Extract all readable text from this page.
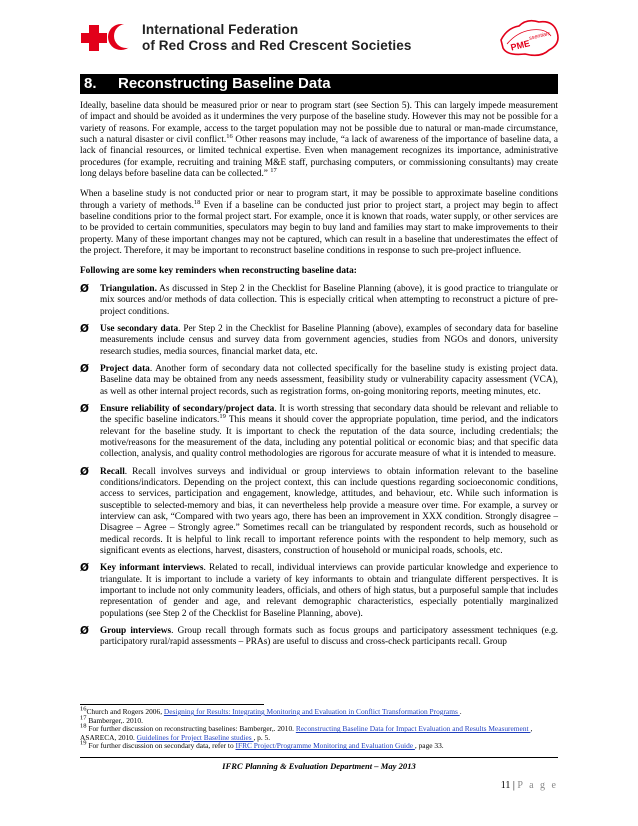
International Federation
of Red Cross and Red Crescent Societies	PME
ssentials
8. Reconstructing Baseline Data

Ideally, baseline data should be measured prior or near to program start (see Section 5). This can largely impede measurement of impact and should be avoided as it undermines the very purpose of the baseline study. However this may not be possible for a variety of reasons. For example, access to the target population may not be possible due to natural or man-made circumstance, such a natural disaster or civil conflict.$^{16}$ Other reasons may include, “a lack of awareness of the importance of baseline data, a lack of financial resources, or limited technical expertise. Even when management recognizes its importance, administrative procedures (for example, recruiting and training M&E staff, purchasing computers, or commissioning consultants) may create long delays before baseline data can be collected.” $^{17}$

When a baseline study is not conducted prior or near to program start, it may be possible to approximate baseline conditions through a variety of methods.$^{18}$ Even if a baseline can be conducted just prior to project start, a project may begin to affect baseline conditions prior to the formal project start. For example, once it is known that roads, water supply, or other services are to be provided to certain communities, speculators may begin to buy land and families may start to make improvements to their property. Many of these important changes may not be captured, which can result in a baseline that underestimates the effect of the project. Therefore, it may be important to reconstruct baseline conditions in response to such pre-project influence.

Following are some key reminders when reconstructing baseline data:

Ø Triangulation. As discussed in Step 2 in the Checklist for Baseline Planning (above), it is good practice to triangulate or mix sources and/or methods of data collection. This is especially critical when attempting to reconstruct a picture of pre-project conditions.
Ø Use secondary data. Per Step 2 in the Checklist for Baseline Planning (above), examples of secondary data for baseline measurements include census and survey data from government agencies, studies from NGOs and donors, university research studies, media sources, financial market data, etc.
Ø Project data. Another form of secondary data not collected specifically for the baseline study is existing project data. Baseline data may be obtained from any needs assessment, feasibility study or vulnerability capacity assessment (VCA), as well as other internal project records, such as registration forms, on-going monitoring reports, meeting minutes, etc.
Ø Ensure reliability of secondary/project data. It is worth stressing that secondary data should be relevant and reliable to the specific baseline indicators.$^{19}$ This means it should cover the appropriate population, time period, and the indicators relevant for the baseline study. It is important to check the reputation of the data source, including credentials; the motive/reasons for the measurement of the data, including any potential political or economic bias; and that specific data collection, analysis, and quality control methodologies are rigorous for accurate measure of what it is intended to measure.
Ø Recall. Recall involves surveys and individual or group interviews to obtain information relevant to the baseline conditions/indicators. Depending on the project context, this can include questions regarding socioeconomic conditions, access to services, participation and engagement, knowledge, attitudes, and behaviour, etc. While such information is susceptible to selected-memory and bias, it can nevertheless help provide a measure over time. For example, a survey or interview can ask, “Compared with two years ago, there has been an improvement in XXX condition. Strongly disagree – Disagree – Agree – Strongly agree.” Sometimes recall can be triangulated by respondent records, such as household or medical records. It is helpful to link recall to important reference points with the respondent to help memory, such as significant events as elections, harvest, disasters, construction of household or municipal roads, schools, etc.
Ø Key informant interviews. Related to recall, individual interviews can provide particular knowledge and experience to triangulate. It is important to include a variety of key informants to obtain and triangulate different perspectives. It is important to include not only community leaders, officials, and others of high status, but a purposeful sample that includes representation of gender and age, and relevant demographic characteristics, especially potentially marginalized populations (see Step 2 of the Checklist for Baseline Planning, above).
Ø Group interviews. Group recall through formats such as focus groups and participatory assessment techniques (e.g. participatory rural/rapid assessments – PRAs) are useful to discuss and cross-check participants recall. Group
$^{16}$Church and Rogers 2006, Designing for Results: Integrating Monitoring and Evaluation in Conflict Transformation Programs .
$^{17}$ Bamberger,. 2010.
$^{18}$ For further discussion on reconstructing baselines: Bamberger,. 2010. Reconstructing Baseline Data for Impact Evaluation and Results Measurement ,
ASARECA, 2010. Guidelines for Project Baseline studies , p. 5.
$^{19}$ For further discussion on secondary data, refer to IFRC Project/Programme Monitoring and Evaluation Guide , page 33.
IFRC Planning & Evaluation Department – May 2013
11 | P a g e
